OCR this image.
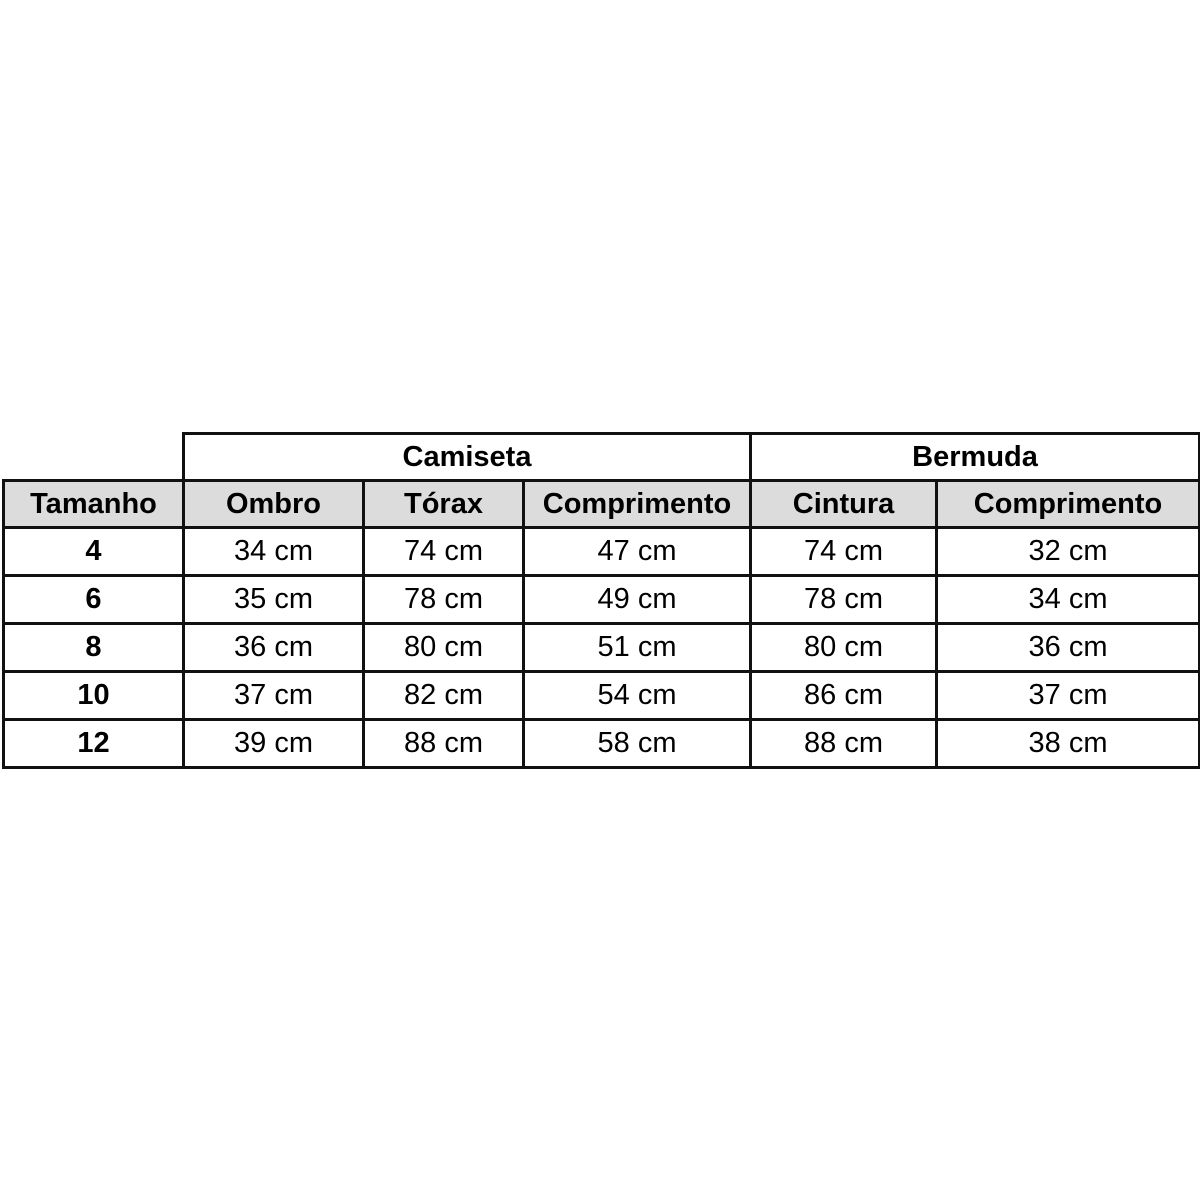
	Camiseta			Bermuda	
Tamanho	Ombro	Tórax	Comprimento	Cintura	Comprimento
4	34 cm	74 cm	47 cm	74 cm	32 cm
6	35 cm	78 cm	49 cm	78 cm	34 cm
8	36 cm	80 cm	51 cm	80 cm	36 cm
10	37 cm	82 cm	54 cm	86 cm	37 cm
12	39 cm	88 cm	58 cm	88 cm	38 cm
